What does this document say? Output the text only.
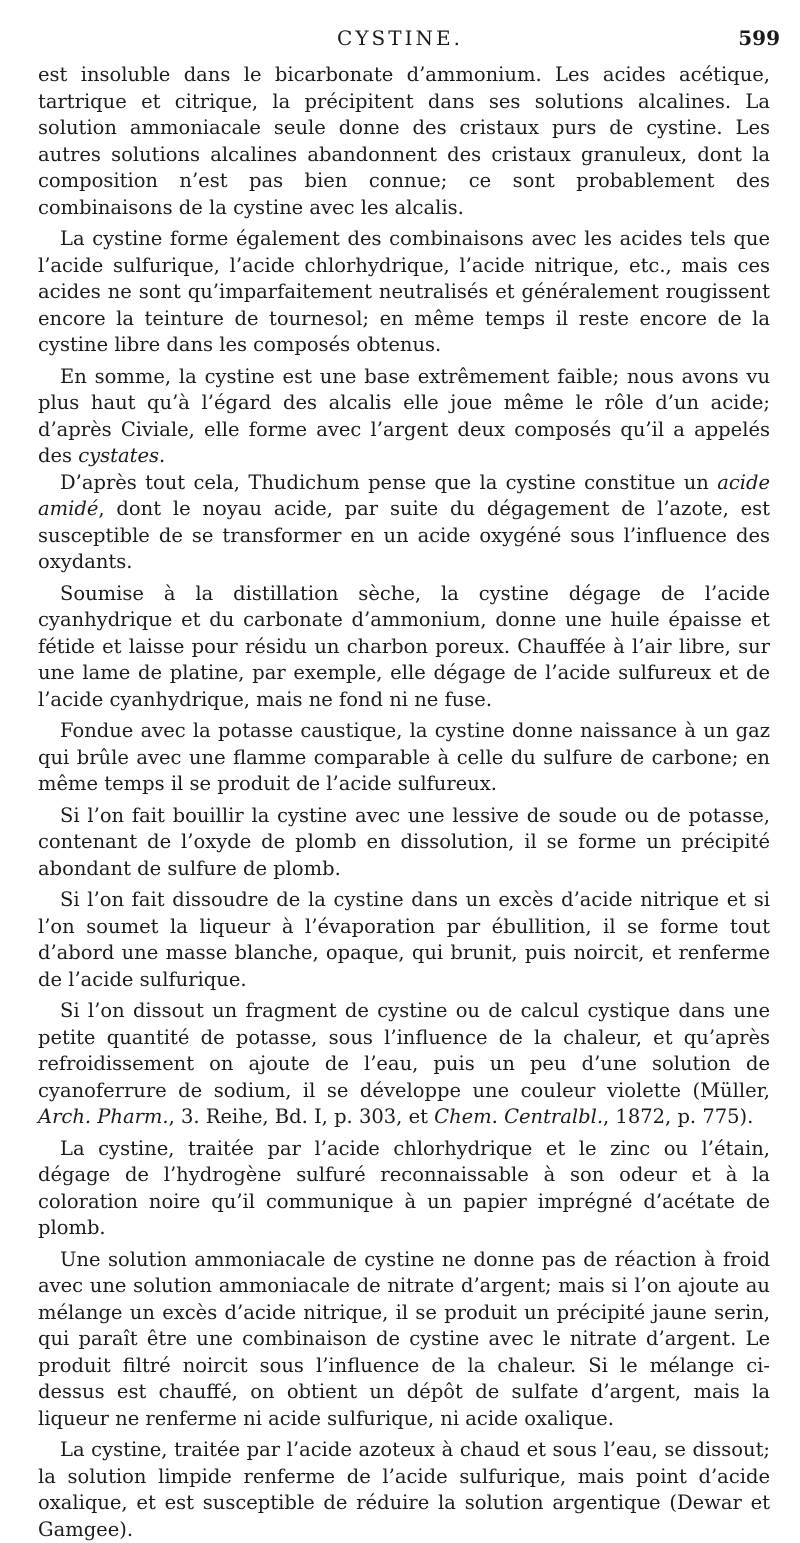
CYSTINE.	599

est insoluble dans le bicarbonate d’ammonium. Les acides acétique, tartrique et citrique, la précipitent dans ses solutions alcalines. La solution ammoniacale seule donne des cristaux purs de cystine. Les autres solutions alcalines abandonnent des cristaux granuleux, dont la composition n’est pas bien connue; ce sont probablement des combinaisons de la cystine avec les alcalis.

La cystine forme également des combinaisons avec les acides tels que l’acide sulfurique, l’acide chlorhydrique, l’acide nitrique, etc., mais ces acides ne sont qu’imparfaitement neutralisés et généralement rougissent encore la teinture de tournesol; en même temps il reste encore de la cystine libre dans les composés obtenus.

En somme, la cystine est une base extrêmement faible; nous avons vu plus haut qu’à l’égard des alcalis elle joue même le rôle d’un acide; d’après Civiale, elle forme avec l’argent deux composés qu’il a appelés des cystates.

D’après tout cela, Thudichum pense que la cystine constitue un acide amidé, dont le noyau acide, par suite du dégagement de l’azote, est susceptible de se transformer en un acide oxygéné sous l’influence des oxydants.

Soumise à la distillation sèche, la cystine dégage de l’acide cyanhydrique et du carbonate d’ammonium, donne une huile épaisse et fétide et laisse pour résidu un charbon poreux. Chauffée à l’air libre, sur une lame de platine, par exemple, elle dégage de l’acide sulfureux et de l’acide cyanhydrique, mais ne fond ni ne fuse.

Fondue avec la potasse caustique, la cystine donne naissance à un gaz qui brûle avec une flamme comparable à celle du sulfure de carbone; en même temps il se produit de l’acide sulfureux.

Si l’on fait bouillir la cystine avec une lessive de soude ou de potasse, contenant de l’oxyde de plomb en dissolution, il se forme un précipité abondant de sulfure de plomb.

Si l’on fait dissoudre de la cystine dans un excès d’acide nitrique et si l’on soumet la liqueur à l’évaporation par ébullition, il se forme tout d’abord une masse blanche, opaque, qui brunit, puis noircit, et renferme de l’acide sulfurique.

Si l’on dissout un fragment de cystine ou de calcul cystique dans une petite quantité de potasse, sous l’influence de la chaleur, et qu’après refroidissement on ajoute de l’eau, puis un peu d’une solution de cyanoferrure de sodium, il se développe une couleur violette (Müller, Arch. Pharm., 3. Reihe, Bd. I, p. 303, et Chem. Centralbl., 1872, p. 775).

La cystine, traitée par l’acide chlorhydrique et le zinc ou l’étain, dégage de l’hydrogène sulfuré reconnaissable à son odeur et à la coloration noire qu’il communique à un papier imprégné d’acétate de plomb.

Une solution ammoniacale de cystine ne donne pas de réaction à froid avec une solution ammoniacale de nitrate d’argent; mais si l’on ajoute au mélange un excès d’acide nitrique, il se produit un précipité jaune serin, qui paraît être une combinaison de cystine avec le nitrate d’argent. Le produit filtré noircit sous l’influence de la chaleur. Si le mélange ci-dessus est chauffé, on obtient un dépôt de sulfate d’argent, mais la liqueur ne renferme ni acide sulfurique, ni acide oxalique.

La cystine, traitée par l’acide azoteux à chaud et sous l’eau, se dissout; la solution limpide renferme de l’acide sulfurique, mais point d’acide oxalique, et est susceptible de réduire la solution argentique (Dewar et Gamgee).
